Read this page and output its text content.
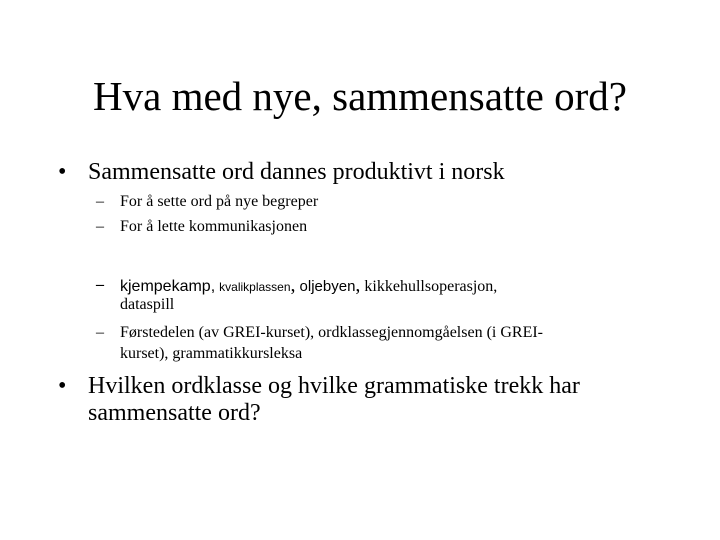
Hva med nye, sammensatte ord?
• Sammensatte ord dannes produktivt i norsk
– For å sette ord på nye begreper
– For å lette kommunikasjonen
– kjempekamp, kvalikplassen, oljebyen, kikkehullsoperasjon,
dataspill
– Førstedelen (av GREI-kurset), ordklassegjennomgåelsen (i GREI-
kurset), grammatikkursleksa
• Hvilken ordklasse og hvilke grammatiske trekk har
sammensatte ord?
